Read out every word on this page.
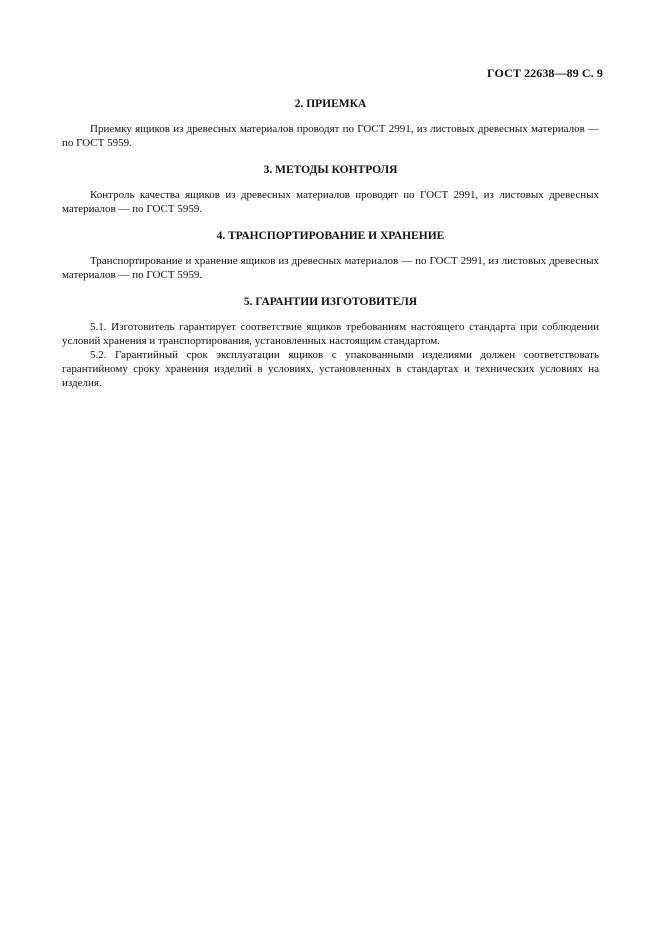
ГОСТ 22638—89 С. 9
2. ПРИЕМКА

Приемку ящиков из древесных материалов проводят по ГОСТ 2991, из листовых древесных материалов — по ГОСТ 5959.

3. МЕТОДЫ КОНТРОЛЯ

Контроль качества ящиков из древесных материалов проводят по ГОСТ 2991, из листовых древесных материалов — по ГОСТ 5959.

4. ТРАНСПОРТИРОВАНИЕ И ХРАНЕНИЕ

Транспортирование и хранение ящиков из древесных материалов — по ГОСТ 2991, из листовых древесных материалов — по ГОСТ 5959.

5. ГАРАНТИИ ИЗГОТОВИТЕЛЯ

5.1. Изготовитель гарантирует соответствие ящиков требованиям настоящего стандарта при соблюдении условий хранения и транспортирования, установленных настоящим стандартом.

5.2. Гарантийный срок эксплуатации ящиков с упакованными изделиями должен соответствовать гарантийному сроку хранения изделий в условиях, установленных в стандартах и технических условиях на изделия.
